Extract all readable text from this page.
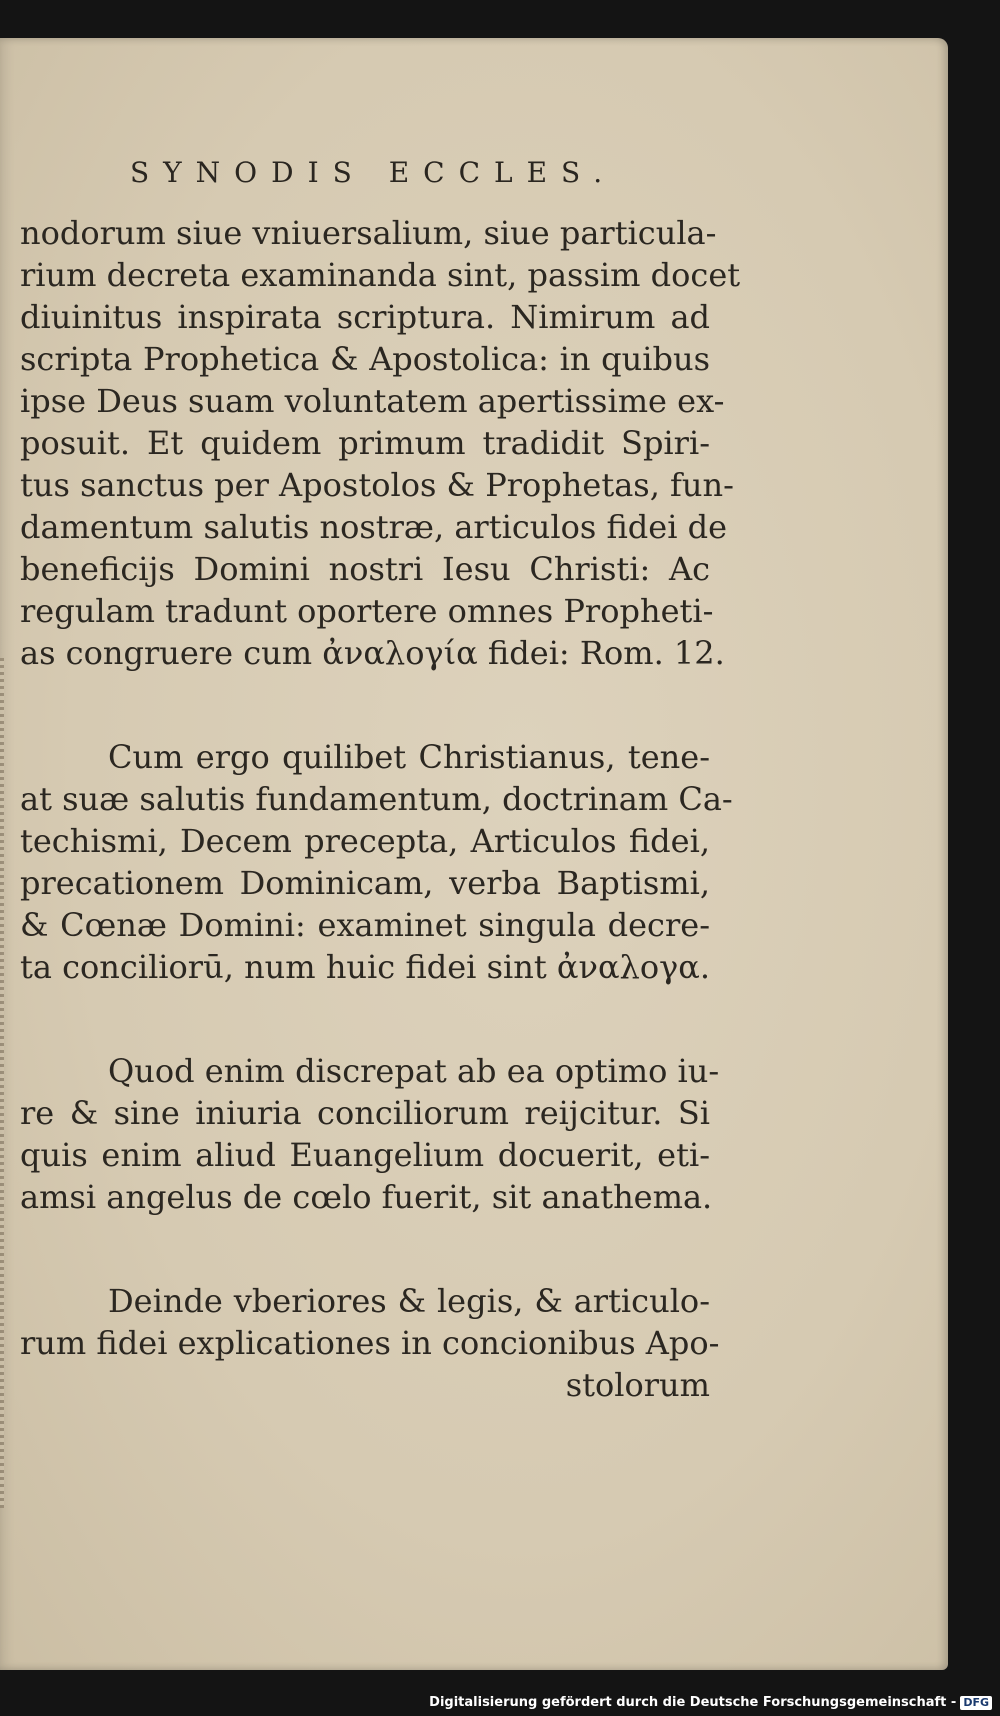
SYNODIS ECCLES.
nodorum siue vniuersalium, siue particula-
rium decreta examinanda sint, passim docet
diuinitus inspirata scriptura. Nimirum ad
scripta Prophetica & Apostolica: in quibus
ipse Deus suam voluntatem apertissime ex-
posuit. Et quidem primum tradidit Spiri-
tus sanctus per Apostolos & Prophetas, fun-
damentum salutis nostræ, articulos fidei de
beneficijs Domini nostri Iesu Christi: Ac
regulam tradunt oportere omnes Propheti-
as congruere cum ἀναλογία fidei: Rom. 12.
Cum ergo quilibet Christianus, tene-
at suæ salutis fundamentum, doctrinam Ca-
techismi, Decem precepta, Articulos fidei,
precationem Dominicam, verba Baptismi,
& Cœnæ Domini: examinet singula decre-
ta conciliorū, num huic fidei sint ἀναλογα.
Quod enim discrepat ab ea optimo iu-
re & sine iniuria conciliorum reijcitur. Si
quis enim aliud Euangelium docuerit, eti-
amsi angelus de cœlo fuerit, sit anathema.
Deinde vberiores & legis, & articulo-
rum fidei explicationes in concionibus Apo-
stolorum
Digitalisierung gefördert durch die Deutsche Forschungsgemeinschaft - DFG
